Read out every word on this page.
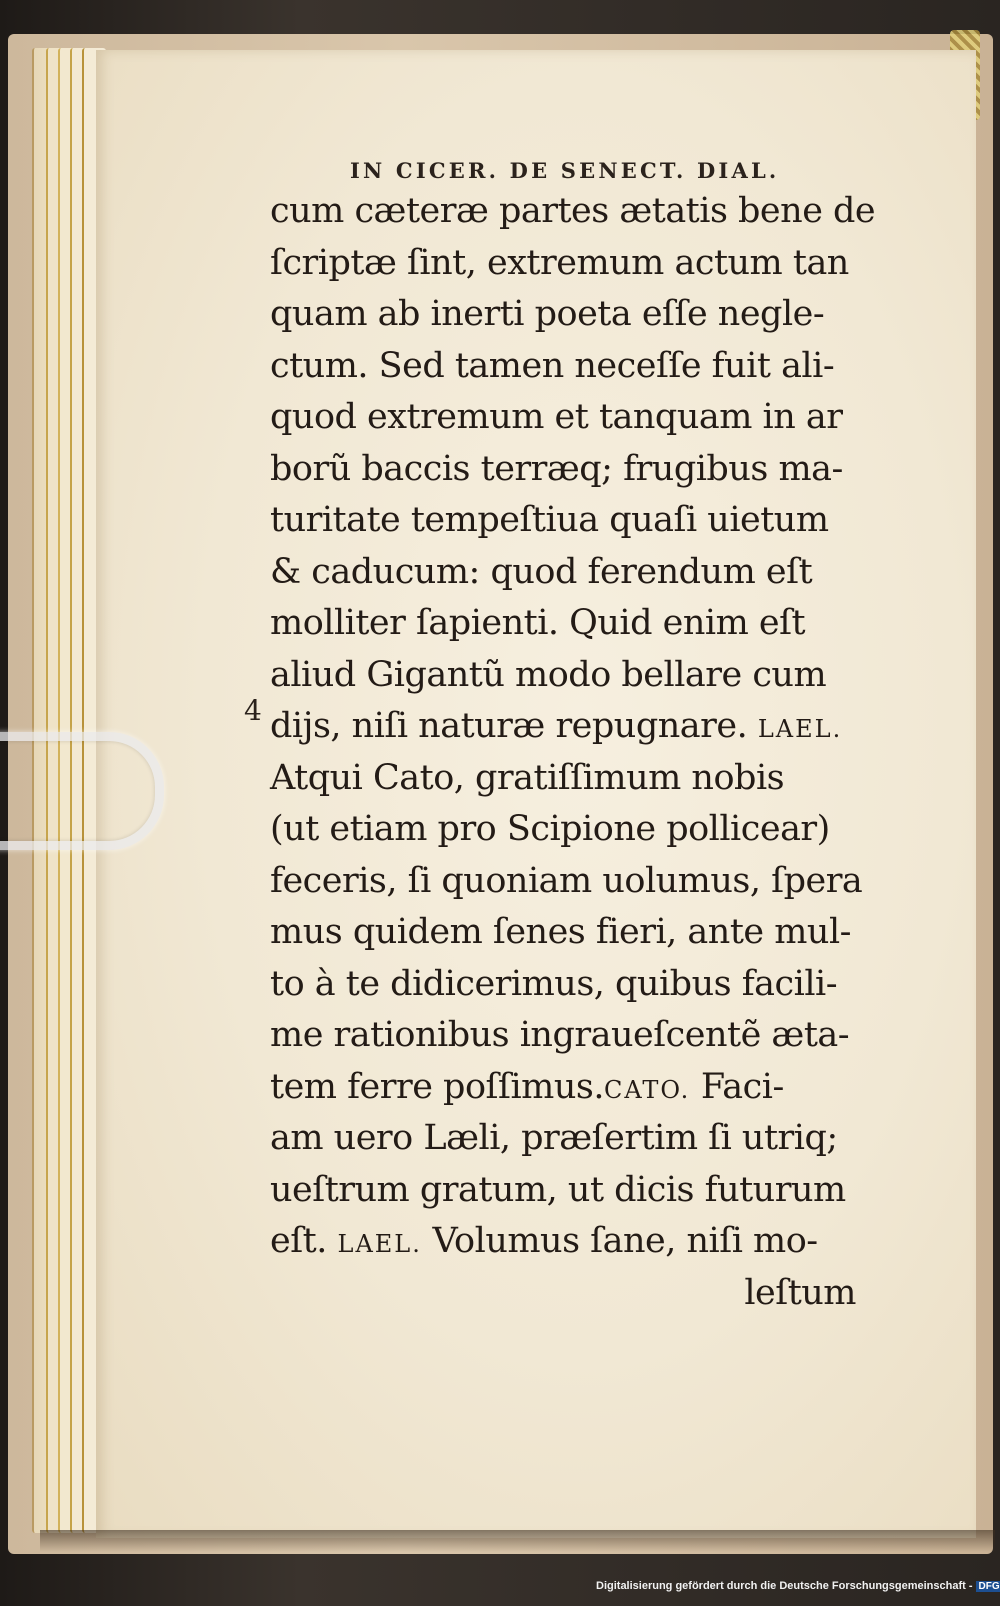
IN CICER. DE SENECT. DIAL.
4
cum cæteræ partes ætatis bene de
ſcriptæ ſint, extremum actum tan
quam ab inerti poeta eſſe negle-
ctum. Sed tamen neceſſe fuit ali-
quod extremum et tanquam in ar
borũ baccis terræq; frugibus ma-
turitate tempeſtiua quaſi uietum
& caducum: quod ferendum eſt
molliter ſapienti. Quid enim eſt
aliud Gigantũ modo bellare cum
dijs, niſi naturæ repugnare. LAEL.
Atqui Cato, gratiſſimum nobis
(ut etiam pro Scipione pollicear)
feceris, ſi quoniam uolumus, ſpera
mus quidem ſenes fieri, ante mul-
to à te didicerimus, quibus facili-
me rationibus ingraueſcentẽ æta-
tem ferre poſſimus.CATO. Faci-
am uero Læli, præſertim ſi utriq;
ueſtrum gratum, ut dicis futurum
eſt. LAEL. Volumus ſane, niſi mo-
leſtum
Digitalisierung gefördert durch die Deutsche Forschungsgemeinschaft - DFG
